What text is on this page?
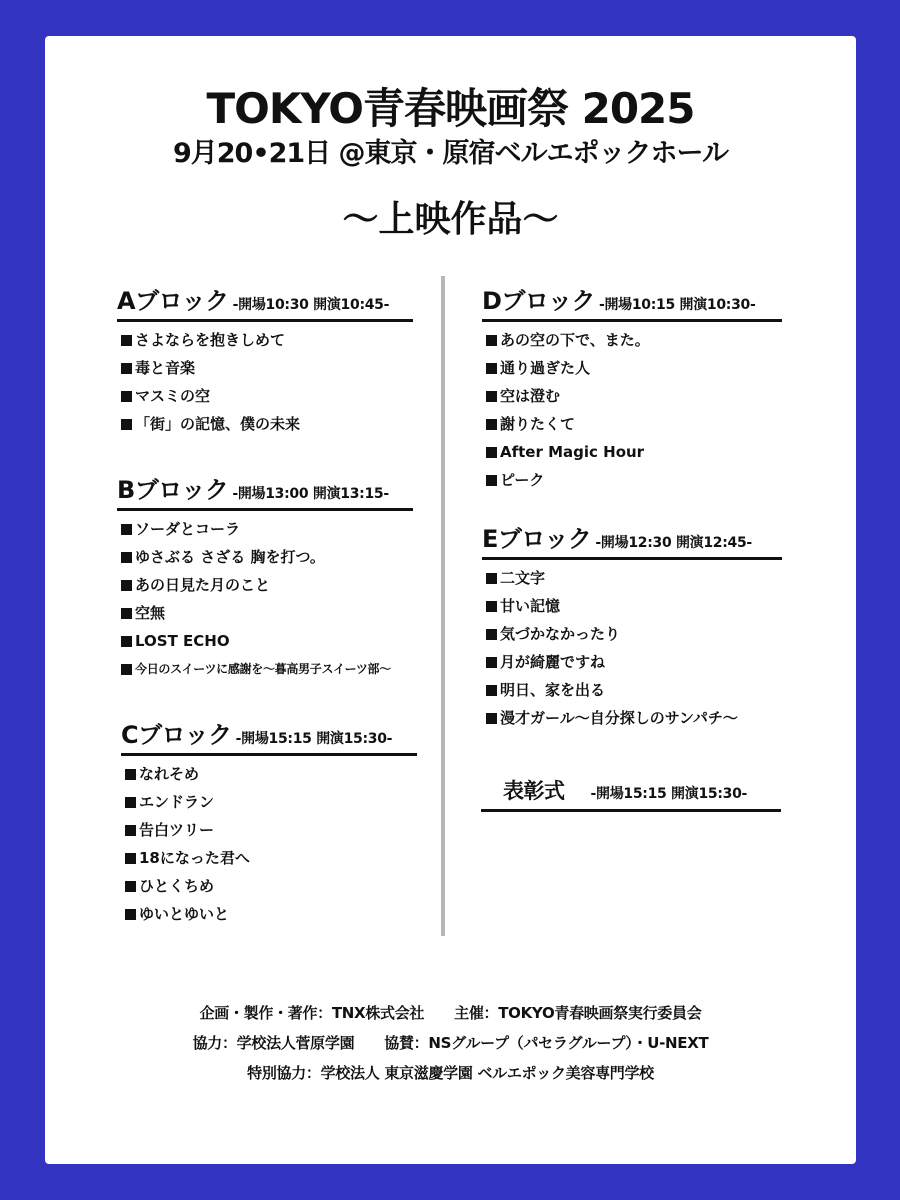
TOKYO青春映画祭 2025
9月20•21日 @東京・原宿ベルエポックホール
〜上映作品〜
Aブロック -開場10:30 開演10:45-
さよならを抱きしめて
毒と音楽
マスミの空
「街」の記憶、僕の未来
Bブロック -開場13:00 開演13:15-
ソーダとコーラ
ゆさぶる さざる 胸を打つ。
あの日見た月のこと
空無
LOST ECHO
今日のスイーツに感謝を〜暮高男子スイーツ部〜
Cブロック -開場15:15 開演15:30-
なれそめ
エンドラン
告白ツリー
18になった君へ
ひとくちめ
ゆいとゆいと
Dブロック -開場10:15 開演10:30-
あの空の下で、また。
通り過ぎた人
空は澄む
謝りたくて
After Magic Hour
ピーク
Eブロック -開場12:30 開演12:45-
二文字
甘い記憶
気づかなかったり
月が綺麗ですね
明日、家を出る
漫才ガール〜自分探しのサンパチ〜
表彰式 -開場15:15 開演15:30-
企画・製作・著作：TNX株式会社 主催：TOKYO青春映画祭実行委員会
協力：学校法人菅原学園 協賛：NSグループ（パセラグループ）・U-NEXT
特別協力：学校法人 東京滋慶学園 ベルエポック美容専門学校
